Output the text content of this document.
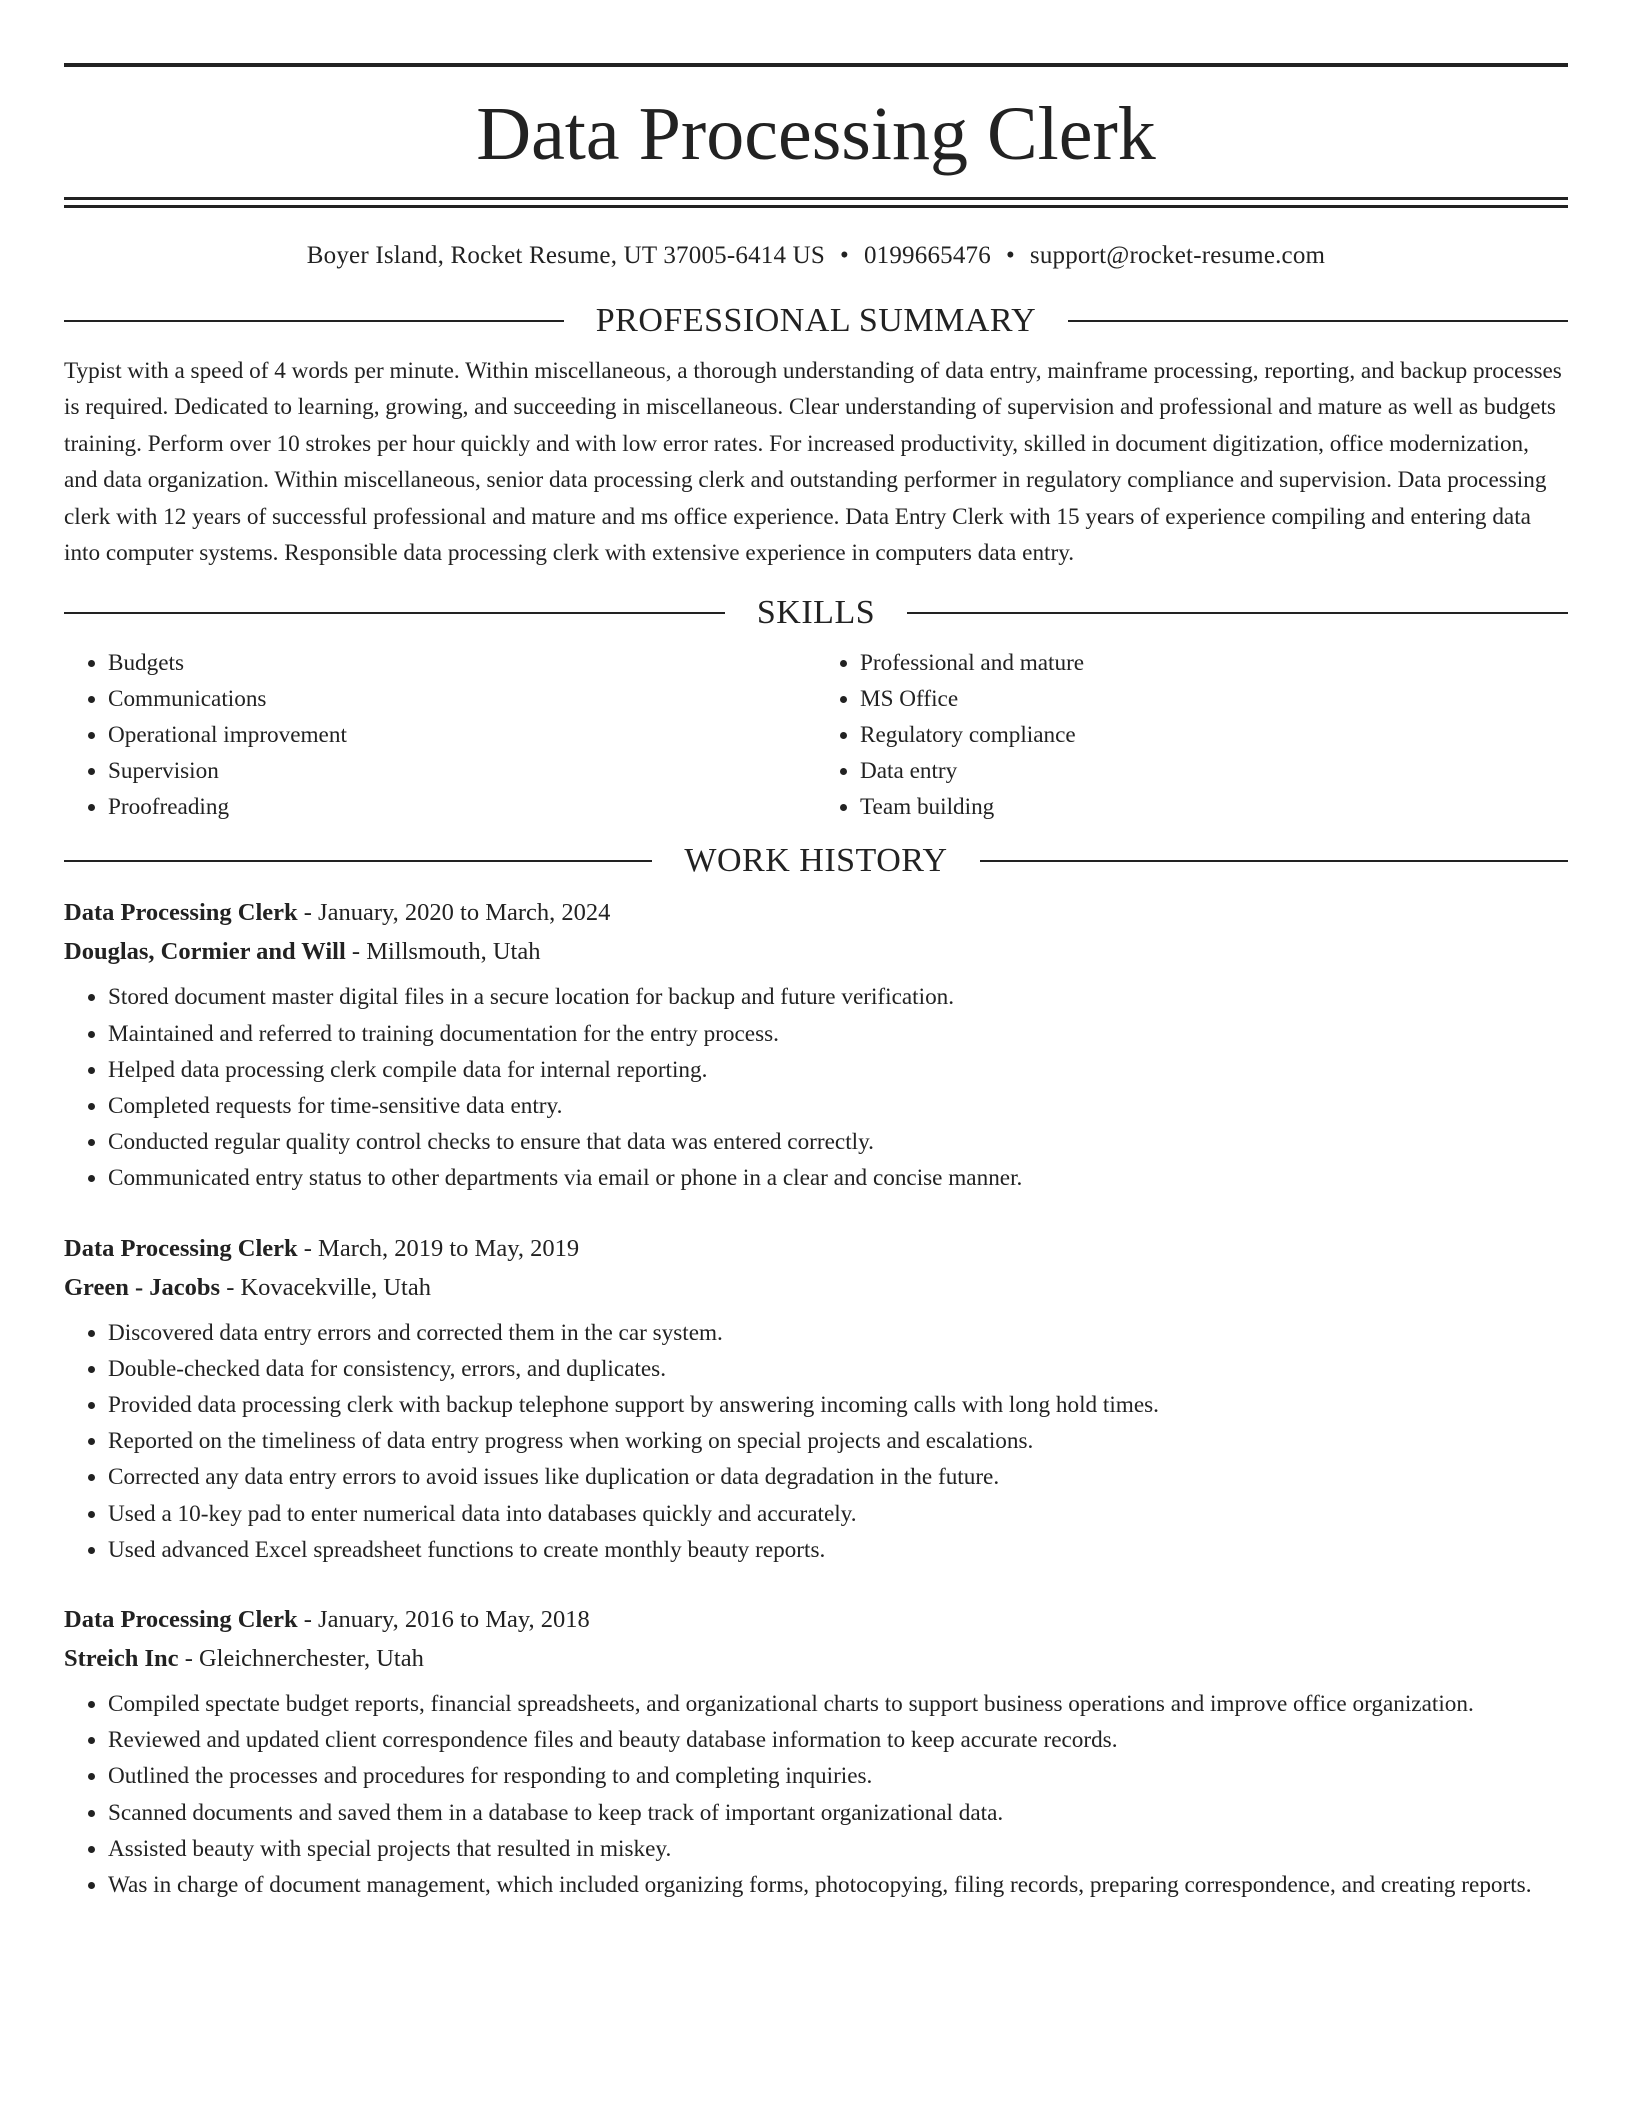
Data Processing Clerk
Boyer Island, Rocket Resume, UT 37005-6414 US • 0199665476 • support@rocket-resume.com
PROFESSIONAL SUMMARY

Typist with a speed of 4 words per minute. Within miscellaneous, a thorough understanding of data entry, mainframe processing, reporting, and backup processes is required. Dedicated to learning, growing, and succeeding in miscellaneous. Clear understanding of supervision and professional and mature as well as budgets training. Perform over 10 strokes per hour quickly and with low error rates. For increased productivity, skilled in document digitization, office modernization, and data organization. Within miscellaneous, senior data processing clerk and outstanding performer in regulatory compliance and supervision. Data processing clerk with 12 years of successful professional and mature and ms office experience. Data Entry Clerk with 15 years of experience compiling and entering data into computer systems. Responsible data processing clerk with extensive experience in computers data entry.

SKILLS
• Budgets
• Communications
• Operational improvement
• Supervision
• Proofreading
• Professional and mature
• MS Office
• Regulatory compliance
• Data entry
• Team building
WORK HISTORY
Data Processing Clerk - January, 2020 to March, 2024
Douglas, Cormier and Will - Millsmouth, Utah
• Stored document master digital files in a secure location for backup and future verification.
• Maintained and referred to training documentation for the entry process.
• Helped data processing clerk compile data for internal reporting.
• Completed requests for time-sensitive data entry.
• Conducted regular quality control checks to ensure that data was entered correctly.
• Communicated entry status to other departments via email or phone in a clear and concise manner.
Data Processing Clerk - March, 2019 to May, 2019
Green - Jacobs - Kovacekville, Utah
• Discovered data entry errors and corrected them in the car system.
• Double-checked data for consistency, errors, and duplicates.
• Provided data processing clerk with backup telephone support by answering incoming calls with long hold times.
• Reported on the timeliness of data entry progress when working on special projects and escalations.
• Corrected any data entry errors to avoid issues like duplication or data degradation in the future.
• Used a 10-key pad to enter numerical data into databases quickly and accurately.
• Used advanced Excel spreadsheet functions to create monthly beauty reports.
Data Processing Clerk - January, 2016 to May, 2018
Streich Inc - Gleichnerchester, Utah
• Compiled spectate budget reports, financial spreadsheets, and organizational charts to support business operations and improve office organization.
• Reviewed and updated client correspondence files and beauty database information to keep accurate records.
• Outlined the processes and procedures for responding to and completing inquiries.
• Scanned documents and saved them in a database to keep track of important organizational data.
• Assisted beauty with special projects that resulted in miskey.
• Was in charge of document management, which included organizing forms, photocopying, filing records, preparing correspondence, and creating reports.
